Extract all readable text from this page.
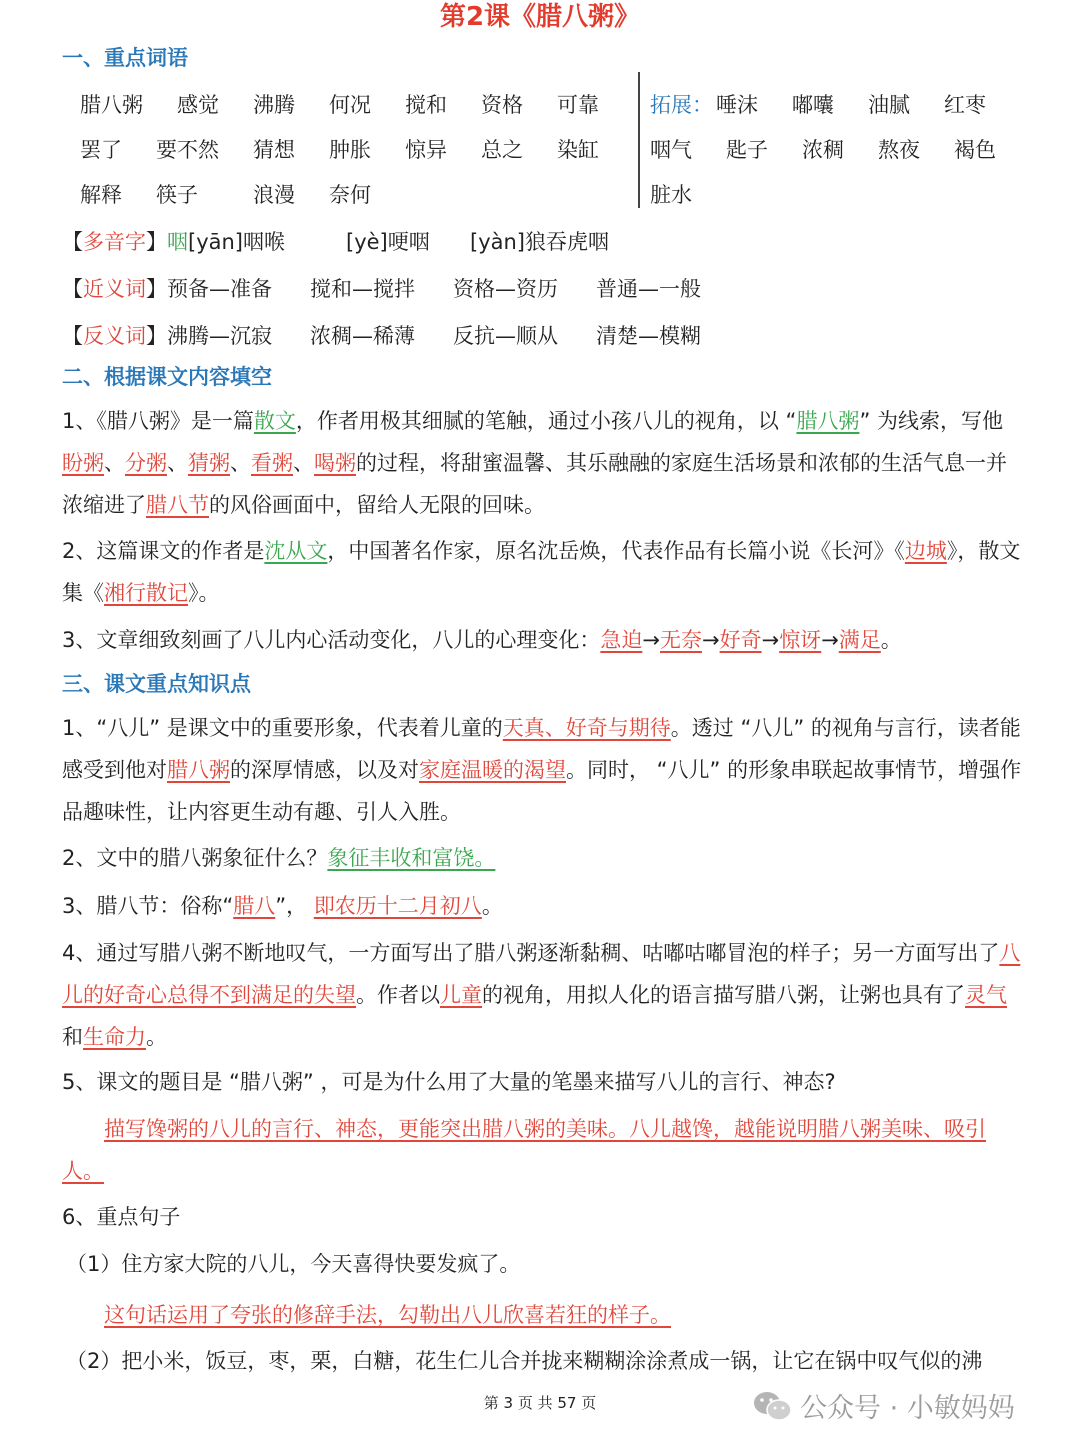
第2课《腊八粥》
一、重点词语
腊八粥	感觉	沸腾	何况	搅和	资格	可靠
罢了	要不然	猜想	肿胀	惊异	总之	染缸
解释	筷子	浪漫	奈何
拓展： 唾沫	嘟囔	油腻	红枣
咽气	匙子	浓稠	熬夜	褐色
脏水
【 多音字 】 咽 [yān]咽喉	[yè]哽咽	[yàn]狼吞虎咽
【 近义词 】 预备—准备	搅和—搅拌	资格—资历	普通—一般
【 反义词 】 沸腾—沉寂	浓稠—稀薄	反抗—顺从	清楚—模糊
二、根据课文内容填空
1、《腊八粥》是一篇散文，作者用极其细腻的笔触，通过小孩八儿的视角，以 “腊八粥” 为线索，写他盼粥、分粥、猜粥、看粥、喝粥的过程，将甜蜜温馨、其乐融融的家庭生活场景和浓郁的生活气息一并浓缩进了腊八节的风俗画面中，留给人无限的回味。
2、这篇课文的作者是沈从文，中国著名作家，原名沈岳焕，代表作品有长篇小说《长河》《边城》，散文集《湘行散记》。
3、文章细致刻画了八儿内心活动变化，八儿的心理变化：急迫→无奈→好奇→惊讶→满足。
三、课文重点知识点
1、“八儿” 是课文中的重要形象，代表着儿童的天真、好奇与期待。透过 “八儿” 的视角与言行，读者能感受到他对腊八粥的深厚情感，以及对家庭温暖的渴望。同时， “八儿” 的形象串联起故事情节，增强作品趣味性，让内容更生动有趣、引人入胜。
2、文中的腊八粥象征什么？象征丰收和富饶。
3、腊八节：俗称“腊八”， 即农历十二月初八。
4、通过写腊八粥不断地叹气，一方面写出了腊八粥逐渐黏稠、咕嘟咕嘟冒泡的样子；另一方面写出了八儿的好奇心总得不到满足的失望。作者以儿童的视角，用拟人化的语言描写腊八粥，让粥也具有了灵气和生命力。
5、课文的题目是 “腊八粥” ，可是为什么用了大量的笔墨来描写八儿的言行、神态?
描写馋粥的八儿的言行、神态，更能突出腊八粥的美味。八儿越馋，越能说明腊八粥美味、吸引人。
6、重点句子
（1）住方家大院的八儿，今天喜得快要发疯了。
这句话运用了夸张的修辞手法，勾勒出八儿欣喜若狂的样子。
（2）把小米，饭豆，枣，栗，白糖，花生仁儿合并拢来糊糊涂涂煮成一锅，让它在锅中叹气似的沸
第 3 页 共 57 页	公众号 · 小敏妈妈
